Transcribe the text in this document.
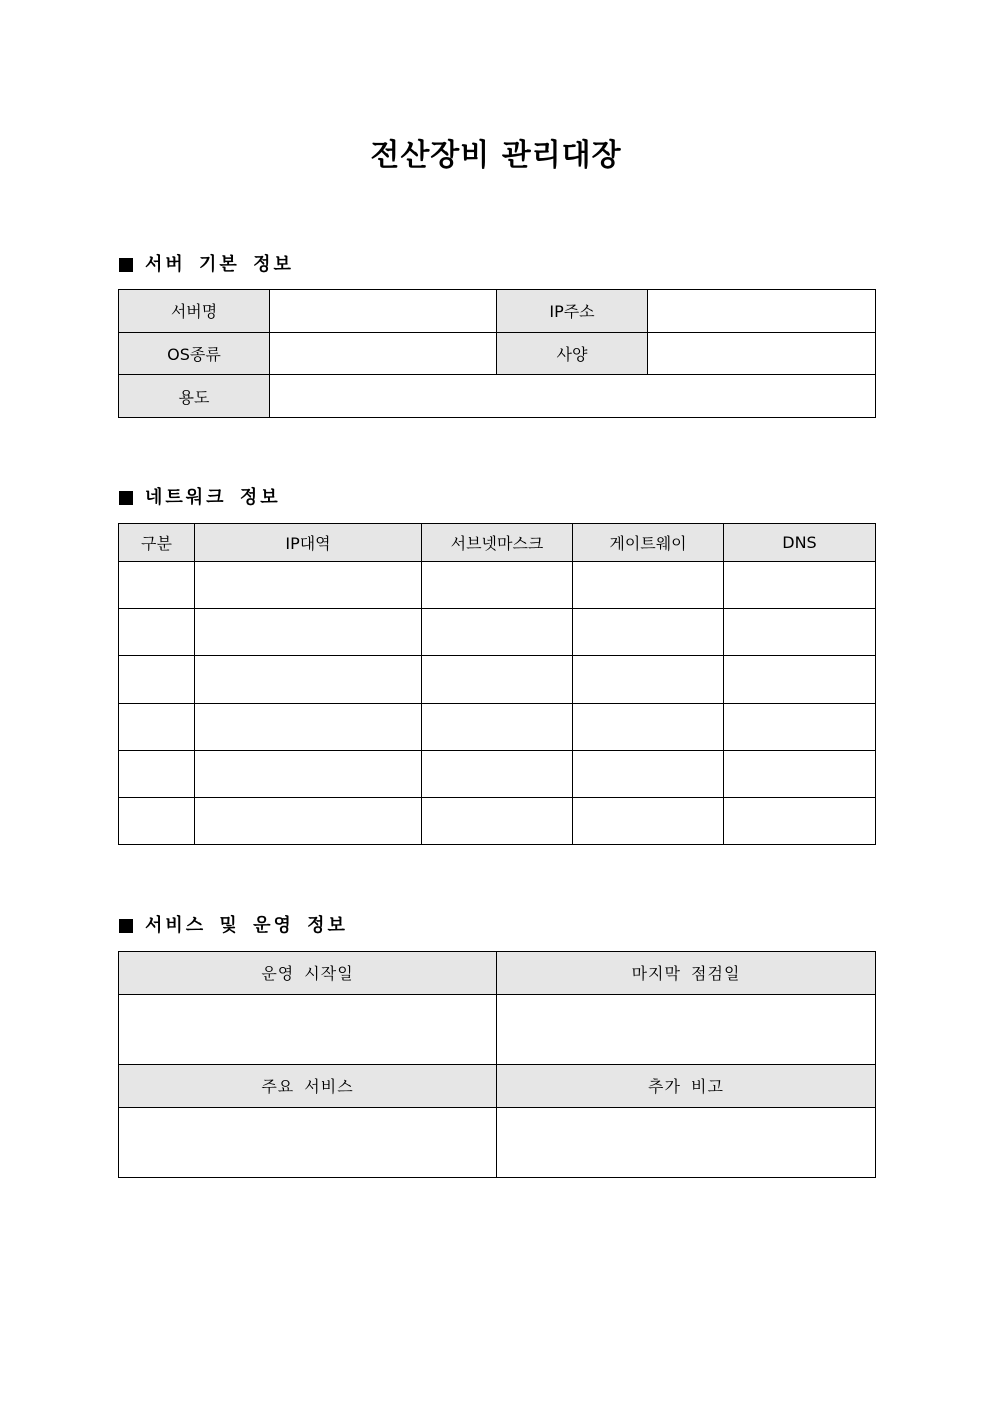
전산장비 관리대장
서버 기본 정보
서버명		IP주소	
OS종류		사양	
용도			
네트워크 정보
구분	IP대역	서브넷마스크	게이트웨이	DNS

서비스 및 운영 정보
운영 시작일	마지막 점검일

주요 서비스	추가 비고
